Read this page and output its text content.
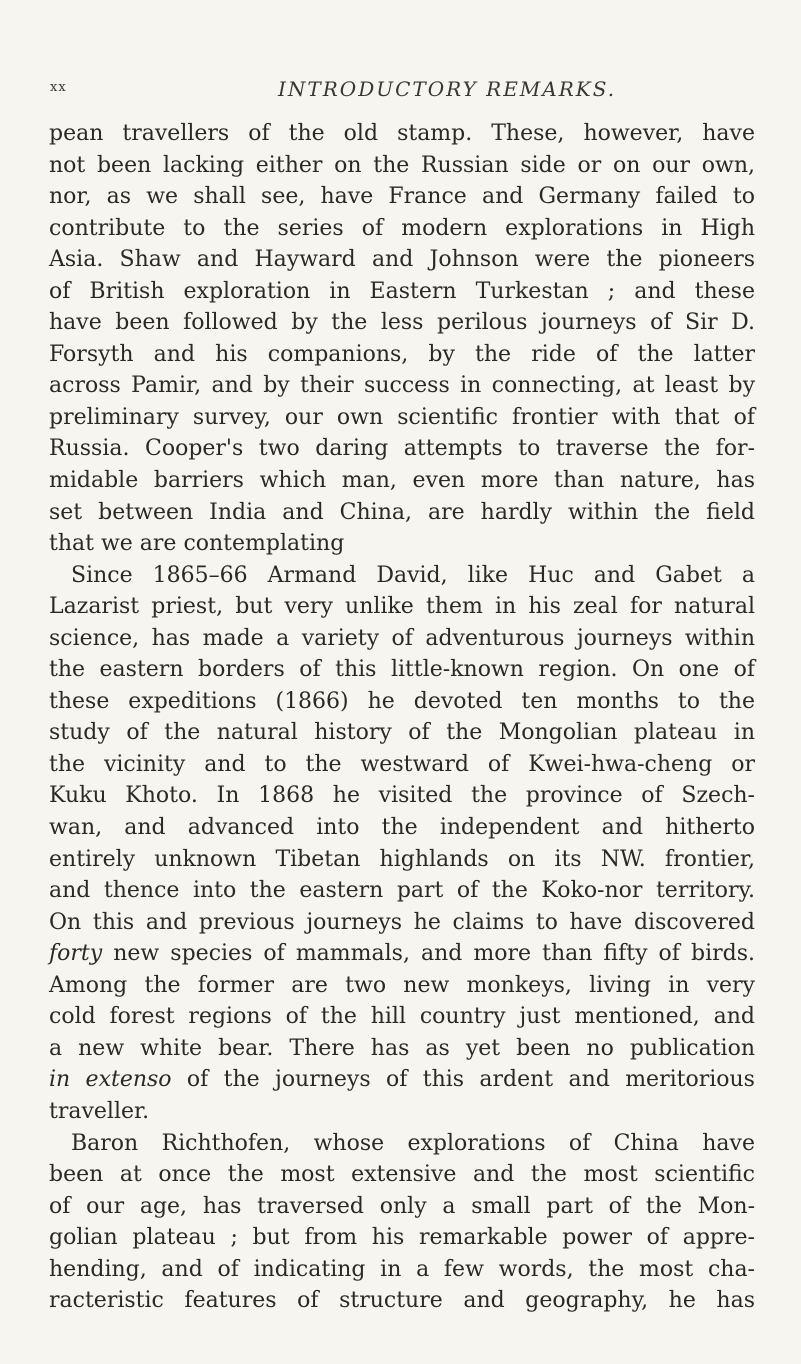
xx	INTRODUCTORY REMARKS.
pean travellers of the old stamp. These, however, have
not been lacking either on the Russian side or on our own,
nor, as we shall see, have France and Germany failed to
contribute to the series of modern explorations in High
Asia. Shaw and Hayward and Johnson were the pioneers
of British exploration in Eastern Turkestan ; and these
have been followed by the less perilous journeys of Sir D.
Forsyth and his companions, by the ride of the latter
across Pamir, and by their success in connecting, at least by
preliminary survey, our own scientific frontier with that of
Russia. Cooper's two daring attempts to traverse the for-
midable barriers which man, even more than nature, has
set between India and China, are hardly within the field
that we are contemplating
Since 1865–66 Armand David, like Huc and Gabet a
Lazarist priest, but very unlike them in his zeal for natural
science, has made a variety of adventurous journeys within
the eastern borders of this little-known region. On one of
these expeditions (1866) he devoted ten months to the
study of the natural history of the Mongolian plateau in
the vicinity and to the westward of Kwei-hwa-cheng or
Kuku Khoto. In 1868 he visited the province of Szech-
wan, and advanced into the independent and hitherto
entirely unknown Tibetan highlands on its NW. frontier,
and thence into the eastern part of the Koko-nor territory.
On this and previous journeys he claims to have discovered
forty new species of mammals, and more than fifty of birds.
Among the former are two new monkeys, living in very
cold forest regions of the hill country just mentioned, and
a new white bear. There has as yet been no publication
in extenso of the journeys of this ardent and meritorious
traveller.
Baron Richthofen, whose explorations of China have
been at once the most extensive and the most scientific
of our age, has traversed only a small part of the Mon-
golian plateau ; but from his remarkable power of appre-
hending, and of indicating in a few words, the most cha-
racteristic features of structure and geography, he has
